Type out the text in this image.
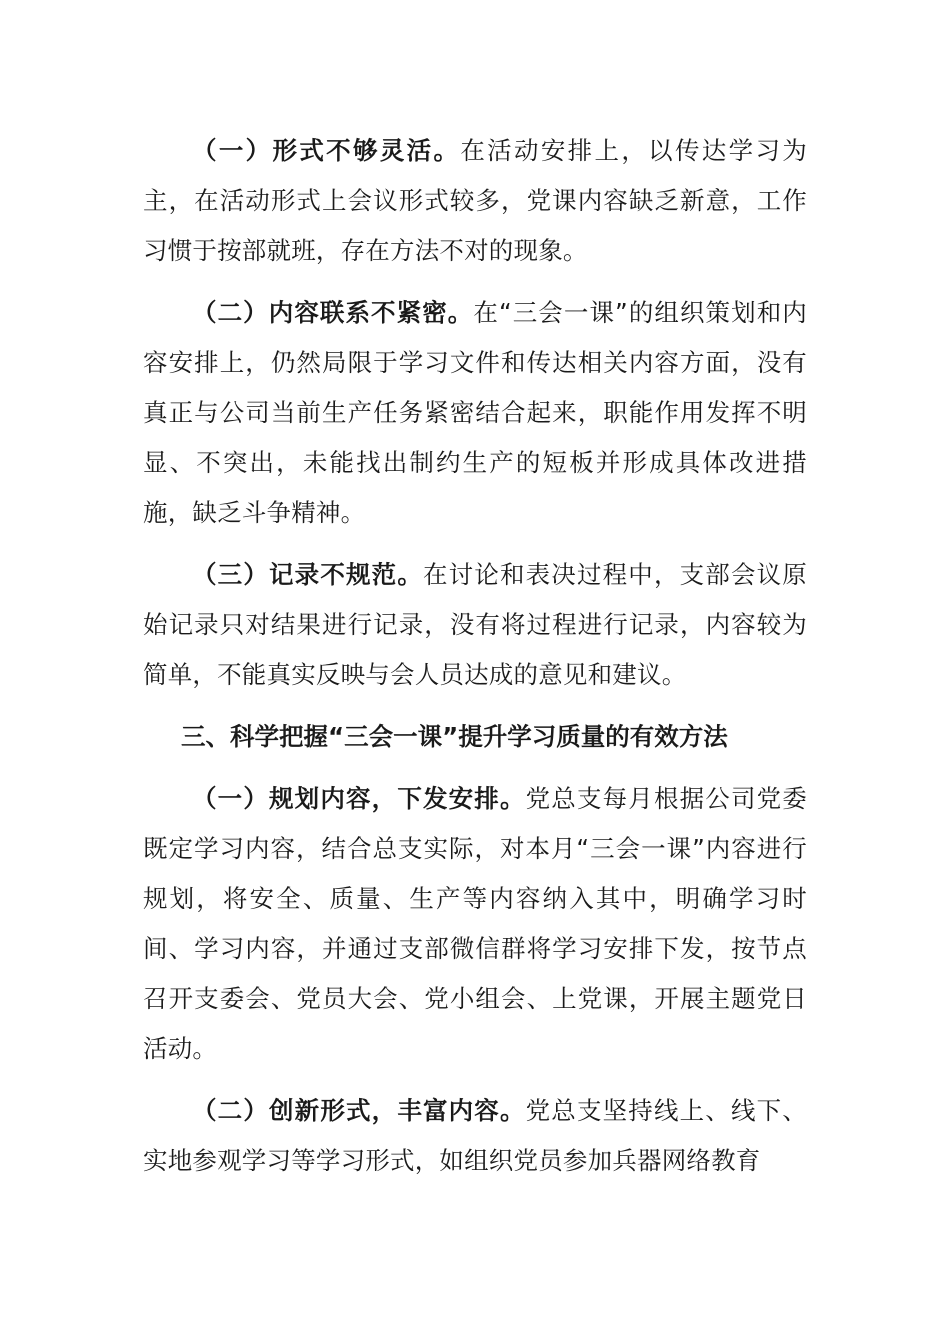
（一）形式不够灵活。在活动安排上，以传达学习为主，在活动形式上会议形式较多，党课内容缺乏新意，工作习惯于按部就班，存在方法不对的现象。

（二）内容联系不紧密。在“三会一课”的组织策划和内容安排上，仍然局限于学习文件和传达相关内容方面，没有真正与公司当前生产任务紧密结合起来，职能作用发挥不明显、不突出，未能找出制约生产的短板并形成具体改进措施，缺乏斗争精神。

（三）记录不规范。在讨论和表决过程中，支部会议原始记录只对结果进行记录，没有将过程进行记录，内容较为简单，不能真实反映与会人员达成的意见和建议。

三、科学把握“三会一课”提升学习质量的有效方法

（一）规划内容，下发安排。党总支每月根据公司党委既定学习内容，结合总支实际，对本月“三会一课”内容进行规划，将安全、质量、生产等内容纳入其中，明确学习时间、学习内容，并通过支部微信群将学习安排下发，按节点召开支委会、党员大会、党小组会、上党课，开展主题党日活动。

（二）创新形式，丰富内容。党总支坚持线上、线下、实地参观学习等学习形式，如组织党员参加兵器网络教育
